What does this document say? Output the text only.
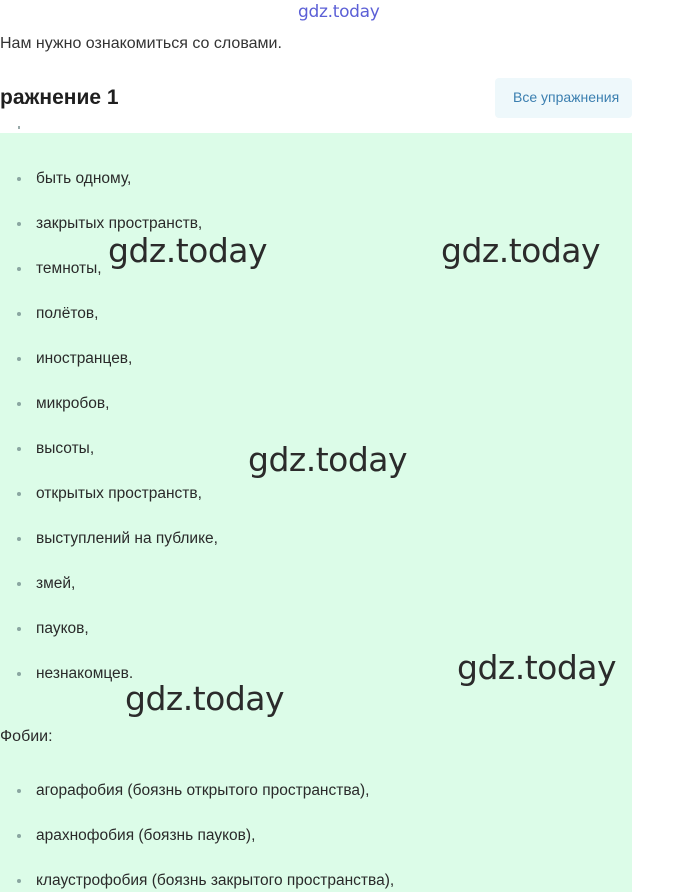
gdz.today
Нам нужно ознакомиться со словами.
ражнение 1	Все упражнения
быть одному,
закрытых пространств,
темноты,
полётов,
иностранцев,
микробов,
высоты,
открытых пространств,
выступлений на публике,
змей,
пауков,
незнакомцев.
Фобии:
агорафобия (боязнь открытого пространства),
арахнофобия (боязнь пауков),
клаустрофобия (боязнь закрытого пространства),
gdz.today	gdz.today
gdz.today
gdz.today
gdz.today
